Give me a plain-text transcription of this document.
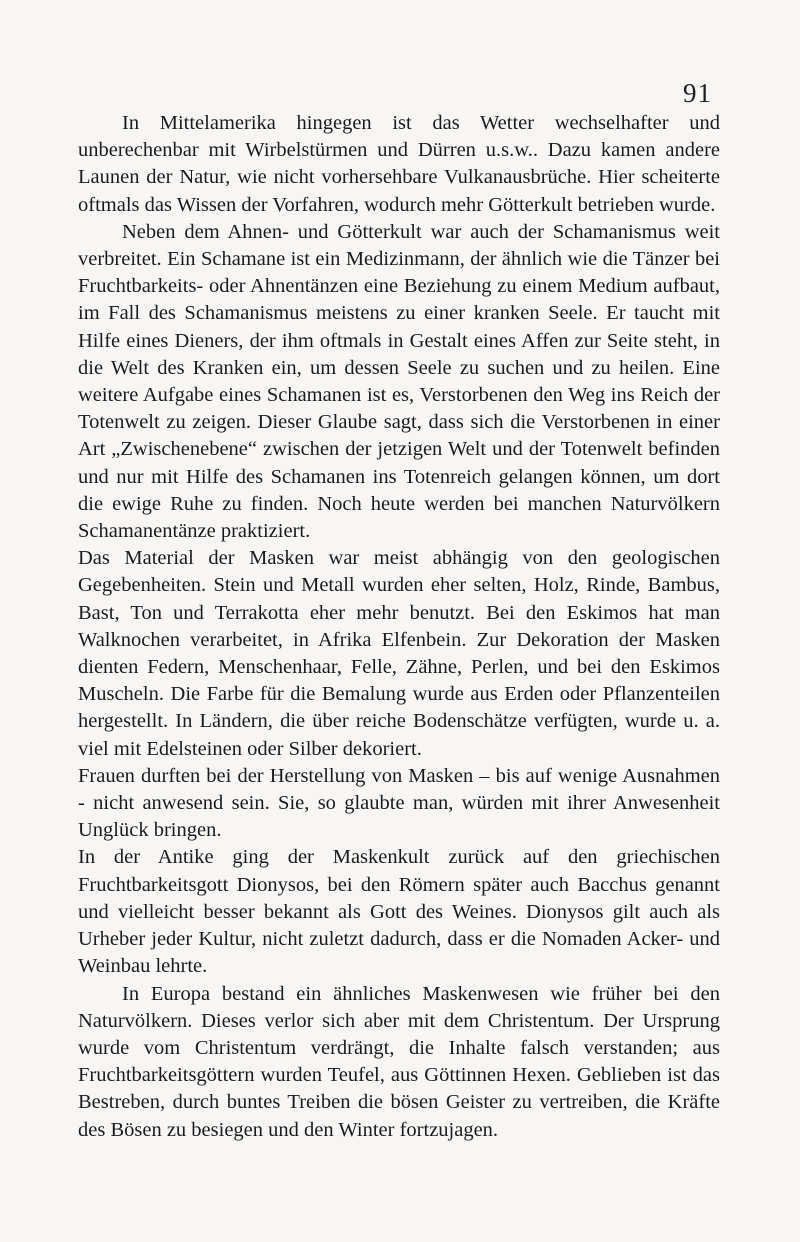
91

In Mittelamerika hingegen ist das Wetter wechselhafter und unberechenbar mit Wirbelstürmen und Dürren u.s.w.. Dazu kamen andere Launen der Natur, wie nicht vorhersehbare Vulkanausbrüche. Hier scheiterte oftmals das Wissen der Vorfahren, wodurch mehr Götterkult betrieben wurde.

Neben dem Ahnen- und Götterkult war auch der Schamanismus weit verbreitet. Ein Schamane ist ein Medizinmann, der ähnlich wie die Tänzer bei Fruchtbarkeits- oder Ahnentänzen eine Beziehung zu einem Medium aufbaut, im Fall des Schamanismus meistens zu einer kranken Seele. Er taucht mit Hilfe eines Dieners, der ihm oftmals in Gestalt eines Affen zur Seite steht, in die Welt des Kranken ein, um dessen Seele zu suchen und zu heilen. Eine weitere Aufgabe eines Schamanen ist es, Verstorbenen den Weg ins Reich der Totenwelt zu zeigen. Dieser Glaube sagt, dass sich die Verstorbenen in einer Art „Zwischenebene“ zwischen der jetzigen Welt und der Totenwelt befinden und nur mit Hilfe des Schamanen ins Totenreich gelangen können, um dort die ewige Ruhe zu finden. Noch heute werden bei manchen Naturvölkern Schamanentänze praktiziert.

Das Material der Masken war meist abhängig von den geologischen Gegebenheiten. Stein und Metall wurden eher selten, Holz, Rinde, Bambus, Bast, Ton und Terrakotta eher mehr benutzt. Bei den Eskimos hat man Walknochen verarbeitet, in Afrika Elfenbein. Zur Dekoration der Masken dienten Federn, Menschenhaar, Felle, Zähne, Perlen, und bei den Eskimos Muscheln. Die Farbe für die Bemalung wurde aus Erden oder Pflanzenteilen hergestellt. In Ländern, die über reiche Bodenschätze verfügten, wurde u. a. viel mit Edelsteinen oder Silber dekoriert.

Frauen durften bei der Herstellung von Masken – bis auf wenige Ausnahmen - nicht anwesend sein. Sie, so glaubte man, würden mit ihrer Anwesenheit Unglück bringen.

In der Antike ging der Maskenkult zurück auf den griechischen Fruchtbarkeitsgott Dionysos, bei den Römern später auch Bacchus genannt und vielleicht besser bekannt als Gott des Weines. Dionysos gilt auch als Urheber jeder Kultur, nicht zuletzt dadurch, dass er die Nomaden Acker- und Weinbau lehrte.

In Europa bestand ein ähnliches Maskenwesen wie früher bei den Naturvölkern. Dieses verlor sich aber mit dem Christentum. Der Ursprung wurde vom Christentum verdrängt, die Inhalte falsch verstanden; aus Fruchtbarkeitsgöttern wurden Teufel, aus Göttinnen Hexen. Geblieben ist das Bestreben, durch buntes Treiben die bösen Geister zu vertreiben, die Kräfte des Bösen zu besiegen und den Winter fortzujagen.
